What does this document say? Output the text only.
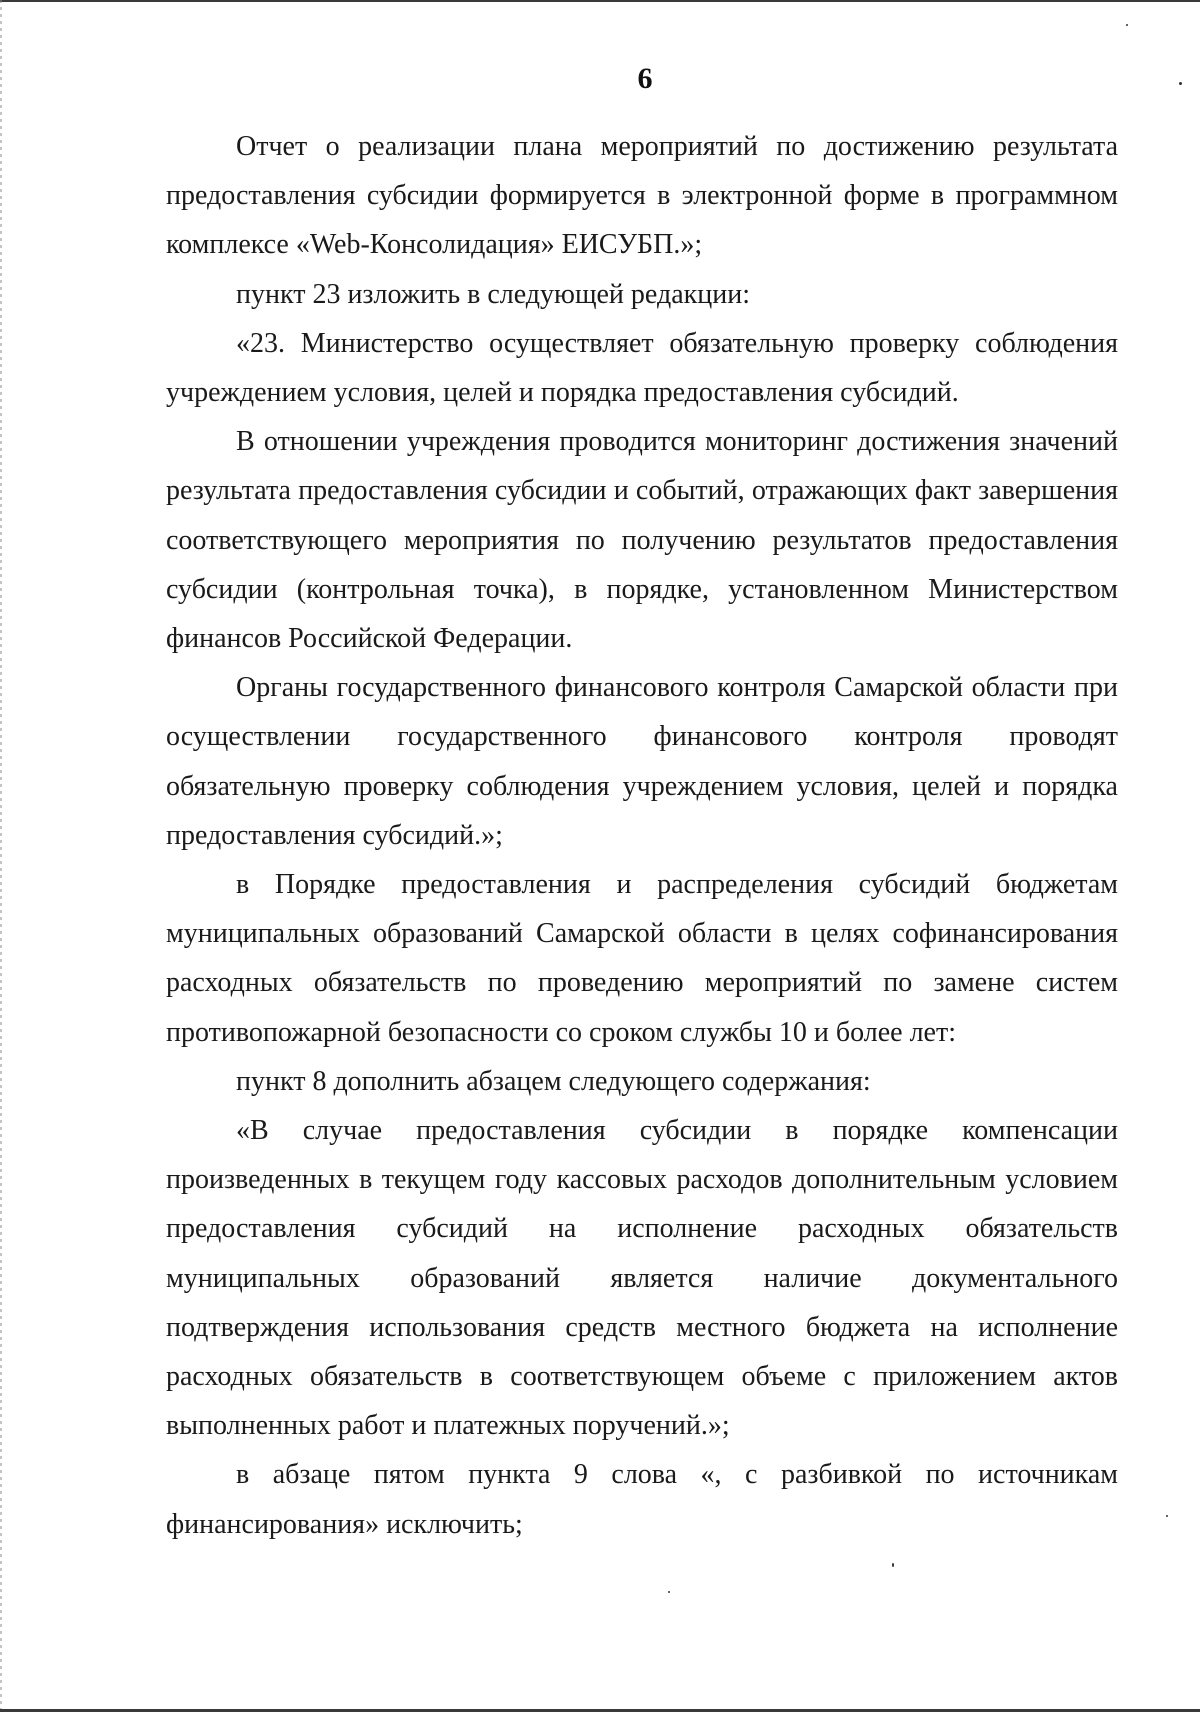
6

Отчет о реализации плана мероприятий по достижению результата предоставления субсидии формируется в электронной форме в программном комплексе «Web-Консолидация» ЕИСУБП.»;

пункт 23 изложить в следующей редакции:

«23. Министерство осуществляет обязательную проверку соблюдения учреждением условия, целей и порядка предоставления субсидий.

В отношении учреждения проводится мониторинг достижения значений результата предоставления субсидии и событий, отражающих факт завершения соответствующего мероприятия по получению результатов предоставления субсидии (контрольная точка), в порядке, установленном Министерством финансов Российской Федерации.

Органы государственного финансового контроля Самарской области при осуществлении государственного финансового контроля проводят обязательную проверку соблюдения учреждением условия, целей и порядка предоставления субсидий.»;

в Порядке предоставления и распределения субсидий бюджетам муниципальных образований Самарской области в целях софинансирования расходных обязательств по проведению мероприятий по замене систем противопожарной безопасности со сроком службы 10 и более лет:

пункт 8 дополнить абзацем следующего содержания:

«В случае предоставления субсидии в порядке компенсации произведенных в текущем году кассовых расходов дополнительным условием предоставления субсидий на исполнение расходных обязательств муниципальных образований является наличие документального подтверждения использования средств местного бюджета на исполнение расходных обязательств в соответствующем объеме с приложением актов выполненных работ и платежных поручений.»;

в абзаце пятом пункта 9 слова «, с разбивкой по источникам финансирования» исключить;
